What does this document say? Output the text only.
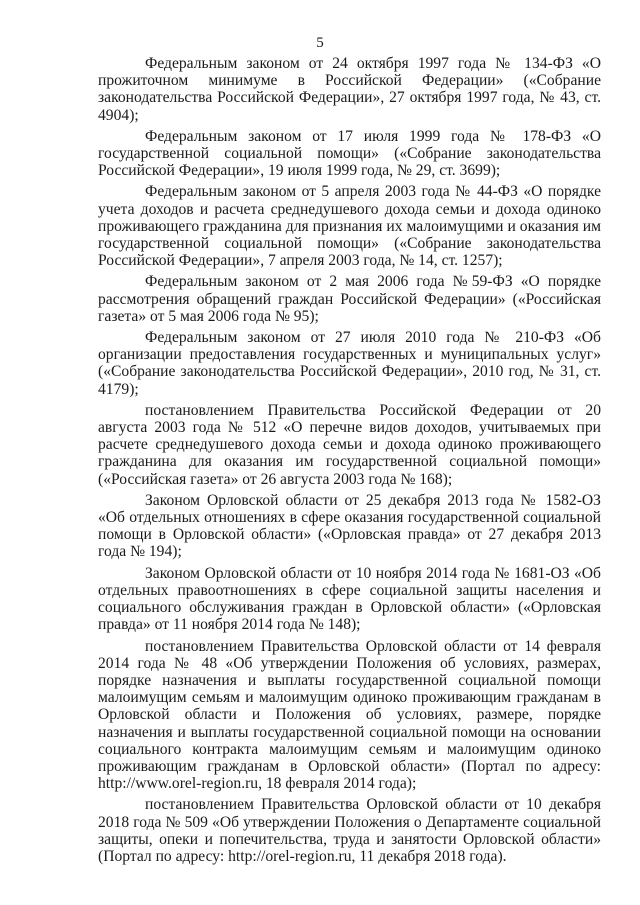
5

Федеральным законом от 24 октября 1997 года № 134-ФЗ «О прожиточном минимуме в Российской Федерации» («Собрание законодательства Российской Федерации», 27 октября 1997 года, № 43, ст. 4904);

Федеральным законом от 17 июля 1999 года № 178-ФЗ «О государственной социальной помощи» («Собрание законодательства Российской Федерации», 19 июля 1999 года, № 29, ст. 3699);

Федеральным законом от 5 апреля 2003 года № 44-ФЗ «О порядке учета доходов и расчета среднедушевого дохода семьи и дохода одиноко проживающего гражданина для признания их малоимущими и оказания им государственной социальной помощи» («Собрание законодательства Российской Федерации», 7 апреля 2003 года, № 14, ст. 1257);

Федеральным законом от 2 мая 2006 года №59-ФЗ «О порядке рассмотрения обращений граждан Российской Федерации» («Российская газета» от 5 мая 2006 года № 95);

Федеральным законом от 27 июля 2010 года № 210-ФЗ «Об организации предоставления государственных и муниципальных услуг» («Собрание законодательства Российской Федерации», 2010 год, № 31, ст. 4179);

постановлением Правительства Российской Федерации от 20 августа 2003 года № 512 «О перечне видов доходов, учитываемых при расчете среднедушевого дохода семьи и дохода одиноко проживающего гражданина для оказания им государственной социальной помощи» («Российская газета» от 26 августа 2003 года № 168);

Законом Орловской области от 25 декабря 2013 года № 1582-ОЗ «Об отдельных отношениях в сфере оказания государственной социальной помощи в Орловской области» («Орловская правда» от 27 декабря 2013 года № 194);

Законом Орловской области от 10 ноября 2014 года № 1681-ОЗ «Об отдельных правоотношениях в сфере социальной защиты населения и социального обслуживания граждан в Орловской области» («Орловская правда» от 11 ноября 2014 года № 148);

постановлением Правительства Орловской области от 14 февраля 2014 года № 48 «Об утверждении Положения об условиях, размерах, порядке назначения и выплаты государственной социальной помощи малоимущим семьям и малоимущим одиноко проживающим гражданам в Орловской области и Положения об условиях, размере, порядке назначения и выплаты государственной социальной помощи на основании социального контракта малоимущим семьям и малоимущим одиноко проживающим гражданам в Орловской области» (Портал по адресу: http://www.orel-region.ru, 18 февраля 2014 года);

постановлением Правительства Орловской области от 10 декабря 2018 года № 509 «Об утверждении Положения о Департаменте социальной защиты, опеки и попечительства, труда и занятости Орловской области» (Портал по адресу: http://orel-region.ru, 11 декабря 2018 года).
